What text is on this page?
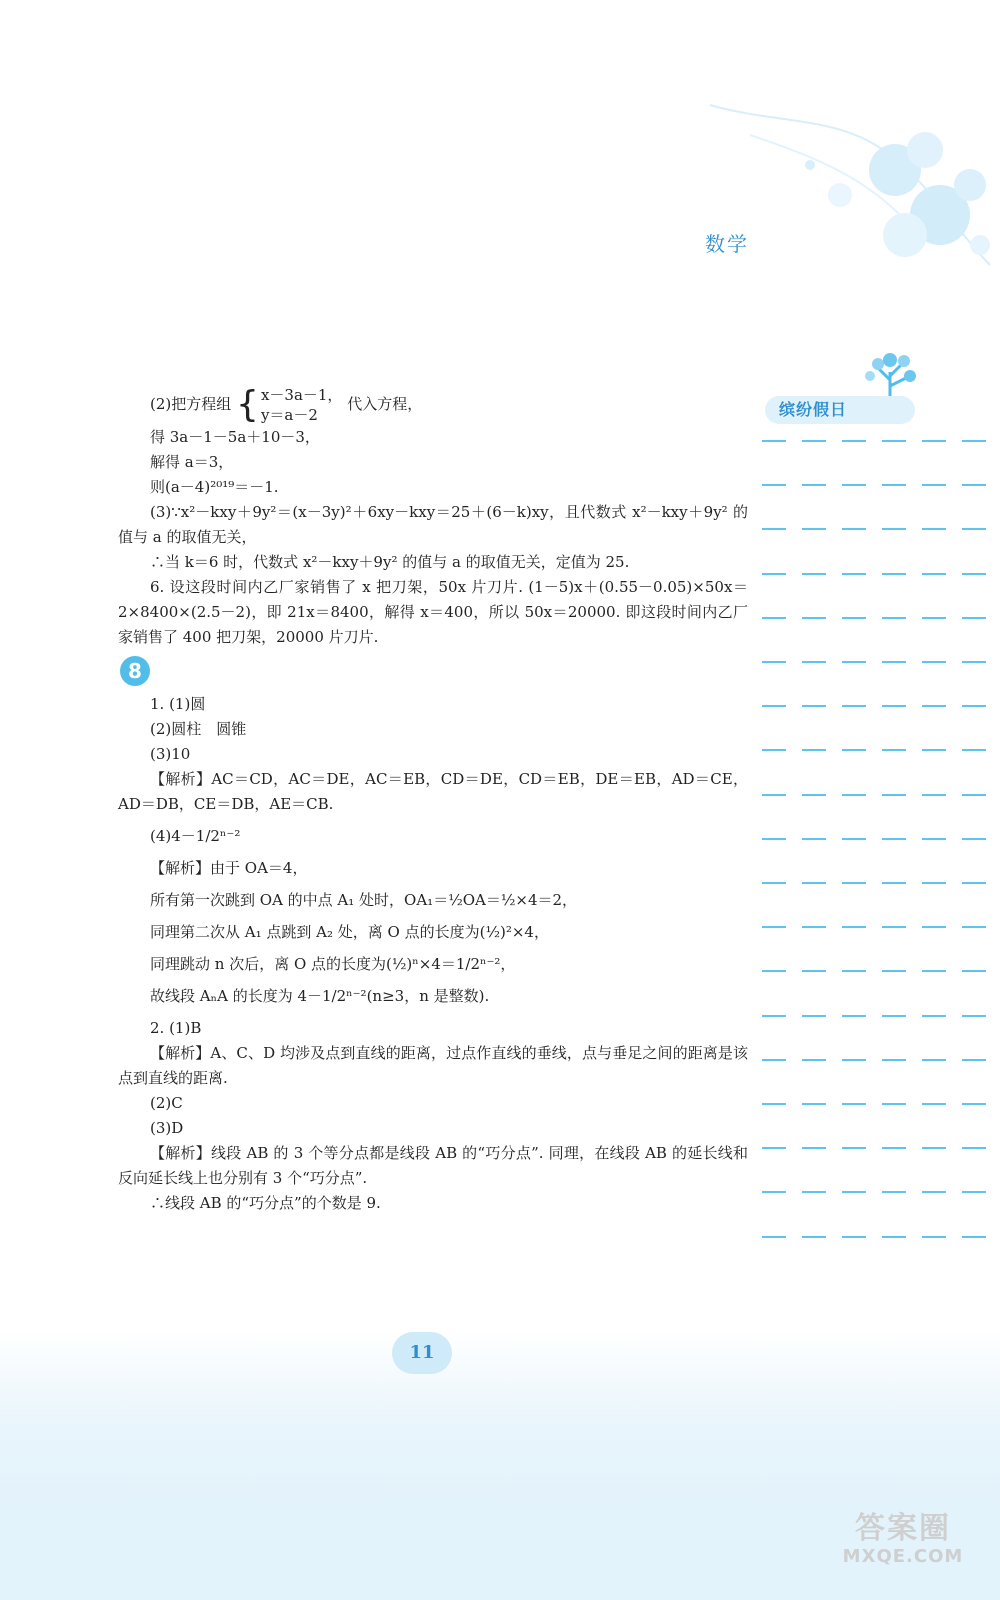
数学
(2)把方程组 { x－3a－1，
y＝a－2
代入方程，
得 3a－1－5a＋10－3，
解得 a＝3，
则(a－4)²⁰¹⁹＝－1.
(3)∵x²－kxy＋9y²＝(x－3y)²＋6xy－kxy＝25＋(6－k)xy，且代数式 x²－kxy＋9y² 的值与 a 的取值无关，
∴当 k＝6 时，代数式 x²－kxy＋9y² 的值与 a 的取值无关，定值为 25.
6. 设这段时间内乙厂家销售了 x 把刀架，50x 片刀片. (1－5)x＋(0.55－0.05)×50x＝2×8400×(2.5－2)，即 21x＝8400，解得 x＝400，所以 50x＝20000. 即这段时间内乙厂家销售了 400 把刀架，20000 片刀片.
8
1. (1)圆
(2)圆柱　圆锥
(3)10
【解析】AC＝CD，AC＝DE，AC＝EB，CD＝DE，CD＝EB，DE＝EB，AD＝CE，AD＝DB，CE＝DB，AE＝CB.
(4)4－1/2ⁿ⁻²
【解析】由于 OA＝4，
所有第一次跳到 OA 的中点 A₁ 处时，OA₁＝½OA＝½×4＝2，
同理第二次从 A₁ 点跳到 A₂ 处，离 O 点的长度为(½)²×4，
同理跳动 n 次后，离 O 点的长度为(½)ⁿ×4＝1/2ⁿ⁻²，
故线段 AₙA 的长度为 4－1/2ⁿ⁻²(n≥3，n 是整数).
2. (1)B
【解析】A、C、D 均涉及点到直线的距离，过点作直线的垂线，点与垂足之间的距离是该点到直线的距离.
(2)C
(3)D
【解析】线段 AB 的 3 个等分点都是线段 AB 的“巧分点”. 同理，在线段 AB 的延长线和反向延长线上也分别有 3 个“巧分点”.
∴线段 AB 的“巧分点”的个数是 9.
缤纷假日
11
答案圈
MXQE.COM
